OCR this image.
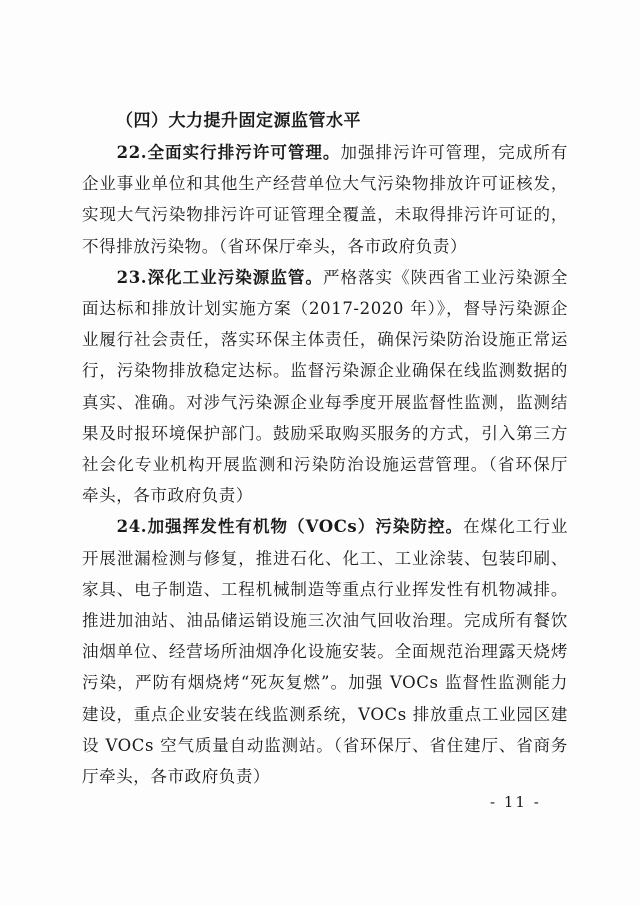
（四）大力提升固定源监管水平

22.全面实行排污许可管理。加强排污许可管理，完成所有企业事业单位和其他生产经营单位大气污染物排放许可证核发，实现大气污染物排污许可证管理全覆盖，未取得排污许可证的，不得排放污染物。（省环保厅牵头，各市政府负责）

23.深化工业污染源监管。严格落实《陕西省工业污染源全面达标和排放计划实施方案（2017-2020 年）》，督导污染源企业履行社会责任，落实环保主体责任，确保污染防治设施正常运行，污染物排放稳定达标。监督污染源企业确保在线监测数据的真实、准确。对涉气污染源企业每季度开展监督性监测，监测结果及时报环境保护部门。鼓励采取购买服务的方式，引入第三方社会化专业机构开展监测和污染防治设施运营管理。（省环保厅牵头，各市政府负责）

24.加强挥发性有机物（VOCs）污染防控。在煤化工行业开展泄漏检测与修复，推进石化、化工、工业涂装、包装印刷、家具、电子制造、工程机械制造等重点行业挥发性有机物减排。推进加油站、油品储运销设施三次油气回收治理。完成所有餐饮油烟单位、经营场所油烟净化设施安装。全面规范治理露天烧烤污染，严防有烟烧烤“死灰复燃”。加强 VOCs 监督性监测能力建设，重点企业安装在线监测系统，VOCs 排放重点工业园区建设 VOCs 空气质量自动监测站。（省环保厅、省住建厅、省商务厅牵头，各市政府负责）

- 11 -
